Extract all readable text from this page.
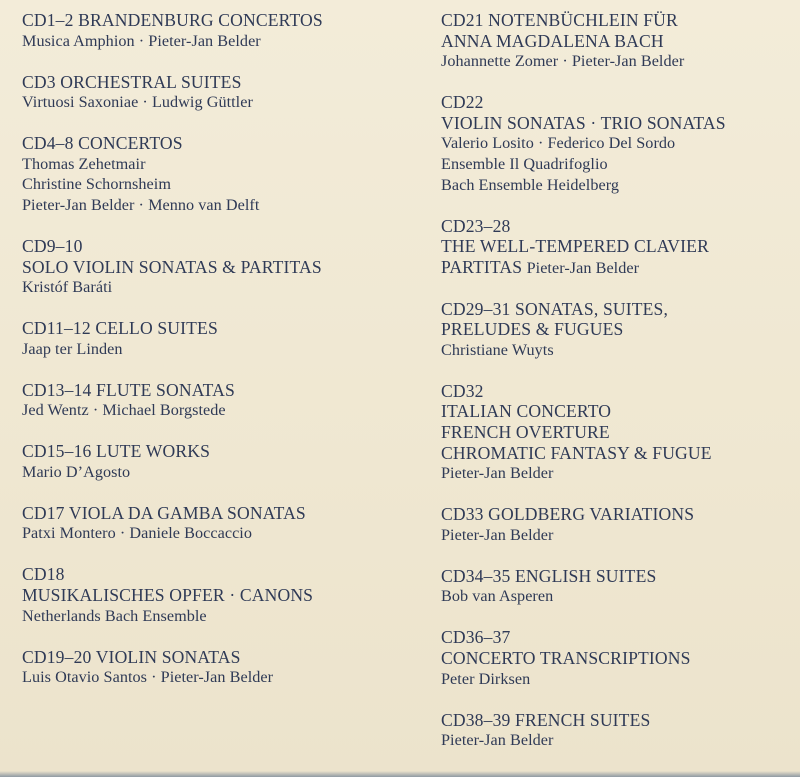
CD1–2 BRANDENBURG CONCERTOS
Musica Amphion · Pieter-Jan Belder
CD3 ORCHESTRAL SUITES
Virtuosi Saxoniae · Ludwig Güttler
CD4–8 CONCERTOS
Thomas Zehetmair
Christine Schornsheim
Pieter-Jan Belder · Menno van Delft
CD9–10
SOLO VIOLIN SONATAS & PARTITAS
Kristóf Baráti
CD11–12 CELLO SUITES
Jaap ter Linden
CD13–14 FLUTE SONATAS
Jed Wentz · Michael Borgstede
CD15–16 LUTE WORKS
Mario D’Agosto
CD17 VIOLA DA GAMBA SONATAS
Patxi Montero · Daniele Boccaccio
CD18
MUSIKALISCHES OPFER · CANONS
Netherlands Bach Ensemble
CD19–20 VIOLIN SONATAS
Luis Otavio Santos · Pieter-Jan Belder
CD21 NOTENBÜCHLEIN FÜR
ANNA MAGDALENA BACH
Johannette Zomer · Pieter-Jan Belder
CD22
VIOLIN SONATAS · TRIO SONATAS
Valerio Losito · Federico Del Sordo
Ensemble Il Quadrifoglio
Bach Ensemble Heidelberg
CD23–28
THE WELL-TEMPERED CLAVIER
PARTITAS Pieter-Jan Belder
CD29–31 SONATAS, SUITES,
PRELUDES & FUGUES
Christiane Wuyts
CD32
ITALIAN CONCERTO
FRENCH OVERTURE
CHROMATIC FANTASY & FUGUE
Pieter-Jan Belder
CD33 GOLDBERG VARIATIONS
Pieter-Jan Belder
CD34–35 ENGLISH SUITES
Bob van Asperen
CD36–37
CONCERTO TRANSCRIPTIONS
Peter Dirksen
CD38–39 FRENCH SUITES
Pieter-Jan Belder
